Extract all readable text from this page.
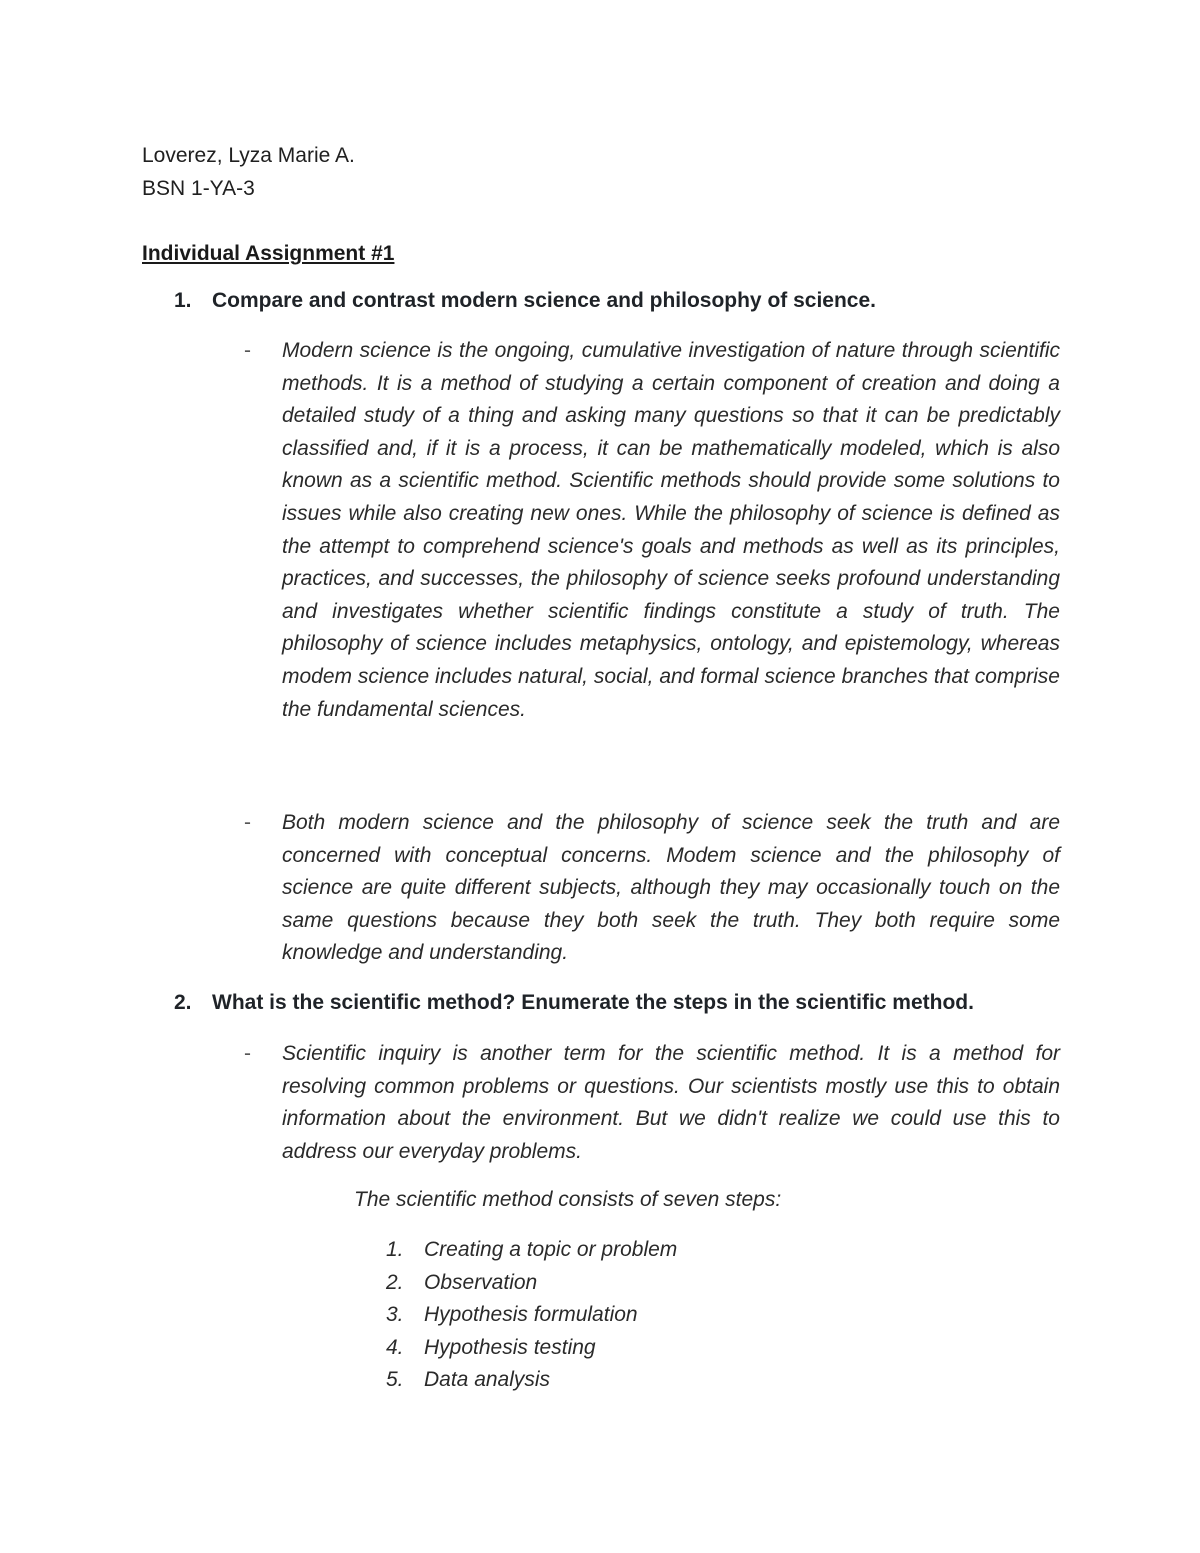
Loverez, Lyza Marie A.
BSN 1-YA-3
Individual Assignment #1
1. Compare and contrast modern science and philosophy of science.
- Modern science is the ongoing, cumulative investigation of nature through scientific methods. It is a method of studying a certain component of creation and doing a detailed study of a thing and asking many questions so that it can be predictably classified and, if it is a process, it can be mathematically modeled, which is also known as a scientific method. Scientific methods should provide some solutions to issues while also creating new ones. While the philosophy of science is defined as the attempt to comprehend science's goals and methods as well as its principles, practices, and successes, the philosophy of science seeks profound understanding and investigates whether scientific findings constitute a study of truth. The philosophy of science includes metaphysics, ontology, and epistemology, whereas modem science includes natural, social, and formal science branches that comprise the fundamental sciences.
- Both modern science and the philosophy of science seek the truth and are concerned with conceptual concerns. Modem science and the philosophy of science are quite different subjects, although they may occasionally touch on the same questions because they both seek the truth. They both require some knowledge and understanding.
2. What is the scientific method? Enumerate the steps in the scientific method.
- Scientific inquiry is another term for the scientific method. It is a method for resolving common problems or questions. Our scientists mostly use this to obtain information about the environment. But we didn't realize we could use this to address our everyday problems.
The scientific method consists of seven steps:
1. Creating a topic or problem
2. Observation
3. Hypothesis formulation
4. Hypothesis testing
5. Data analysis
